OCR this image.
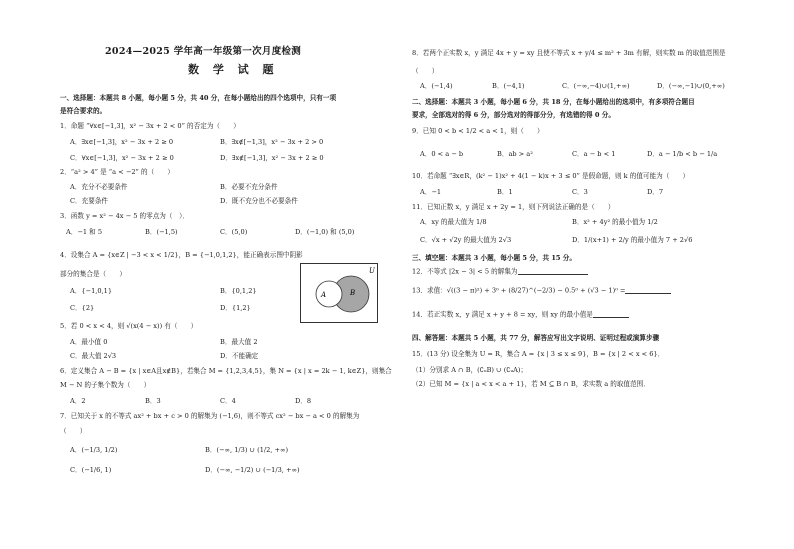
2024—2025 学年高一年级第一次月度检测
数 学 试 题
一、选择题：本题共 8 小题，每小题 5 分，共 40 分，在每小题给出的四个选项中，只有一项
是符合要求的。
1．命题 “∀x∈[−1,3]，x² − 3x + 2 < 0” 的否定为（　　）
A．∃x∈[−1,3]，x² − 3x + 2 ≥ 0	B．∃x∉[−1,3]，x² − 3x + 2 > 0
C．∀x∈[−1,3]，x² − 3x + 2 ≥ 0	D．∃x∉[−1,3]，x² − 3x + 2 ≥ 0
2．“a² > 4” 是 “a < −2” 的（　　）
A．充分不必要条件	B．必要不充分条件
C．充要条件	D．既不充分也不必要条件
3．函数 y = x² − 4x − 5 的零点为（　）．
A．−1 和 5	B．(−1,5)	C．(5,0)	D．(−1,0) 和 (5,0)
4．设集合 A = {x∈Z | −3 < x < 1/2}，B = {−1,0,1,2}，能正确表示图中阴影
部分的集合是（　　）
A．{−1,0,1}	B．{0,1,2}
C．{2}	D．{1,2}
5．若 0 < x < 4，则 √(x(4 − x)) 有（　　）
A．最小值 0	B．最大值 2
C．最大值 2√3	D．不能确定
6．定义集合 A − B = {x | x∈A且x∉B}，若集合 M = {1,2,3,4,5}，集 N = {x | x = 2k − 1, k∈Z}，则集合
M − N 的子集个数为（　　）
A．2	B．3	C．4	D．8
7．已知关于 x 的不等式 ax² + bx + c > 0 的解集为 (−1,6)，则不等式 cx² − bx − a < 0 的解集为
（　　）
A．(−1/3, 1/2)	B．(−∞, 1/3) ∪ (1/2, +∞)
C．(−1/6, 1)	D．(−∞, −1/2) ∪ (−1/3, +∞)
U
A	B
8．若两个正实数 x，y 满足 4x + y = xy 且使不等式 x + y/4 ≤ m² + 3m 有解，则实数 m 的取值范围是
（　　）
A．(−1,4)	B．(−4,1)	C．(−∞,−4)∪(1,+∞)	D．(−∞,−1)∪(0,+∞)
二、选择题：本题共 3 小题，每小题 6 分，共 18 分，在每小题给出的选项中，有多项符合题目
要求，全部选对的得 6 分，部分选对的得部分分，有选错的得 0 分。
9．已知 0 < b < 1/2 < a < 1，则（　　）
A．0 < a − b	B．ab > a²	C．a − b < 1	D．a − 1/b < b − 1/a
10．若命题 “∃x∈R，(k² − 1)x² + 4(1 − k)x + 3 ≤ 0” 是假命题，则 k 的值可能为（　　）
A．−1	B．1	C．3	D．7
11．已知正数 x，y 满足 x + 2y = 1，则下列说法正确的是（　　）
A．xy 的最大值为 1/8	B．x² + 4y² 的最小值为 1/2
C．√x + √2y 的最大值为 2√3	D．1/(x+1) + 2/y 的最小值为 7 + 2√6
三、填空题：本题共 3 小题，每小题 5 分，共 15 分。
12．不等式 |2x − 3| < 5 的解集为
13．求值：√((3 − π)²) + 3⁰ + (8/27)^(−2/3) − 0.5⁰ + (√3 − 1)⁰ =
14．若正实数 x，y 满足 x + y + 8 = xy，则 xy 的最小值是
四、解答题：本题共 5 小题，共 77 分，解答应写出文字说明、证明过程或演算步骤
15．(13 分) 设全集为 U = R，集合 A = {x | 3 ≤ x ≤ 9}，B = {x | 2 < x < 6}．
（1）分别求 A ∩ B，(∁ᵤB) ∪ (∁ᵤA)；
（2）已知 M = {x | a < x < a + 1}，若 M ⊆ B ∩ B，求实数 a 的取值范围．
